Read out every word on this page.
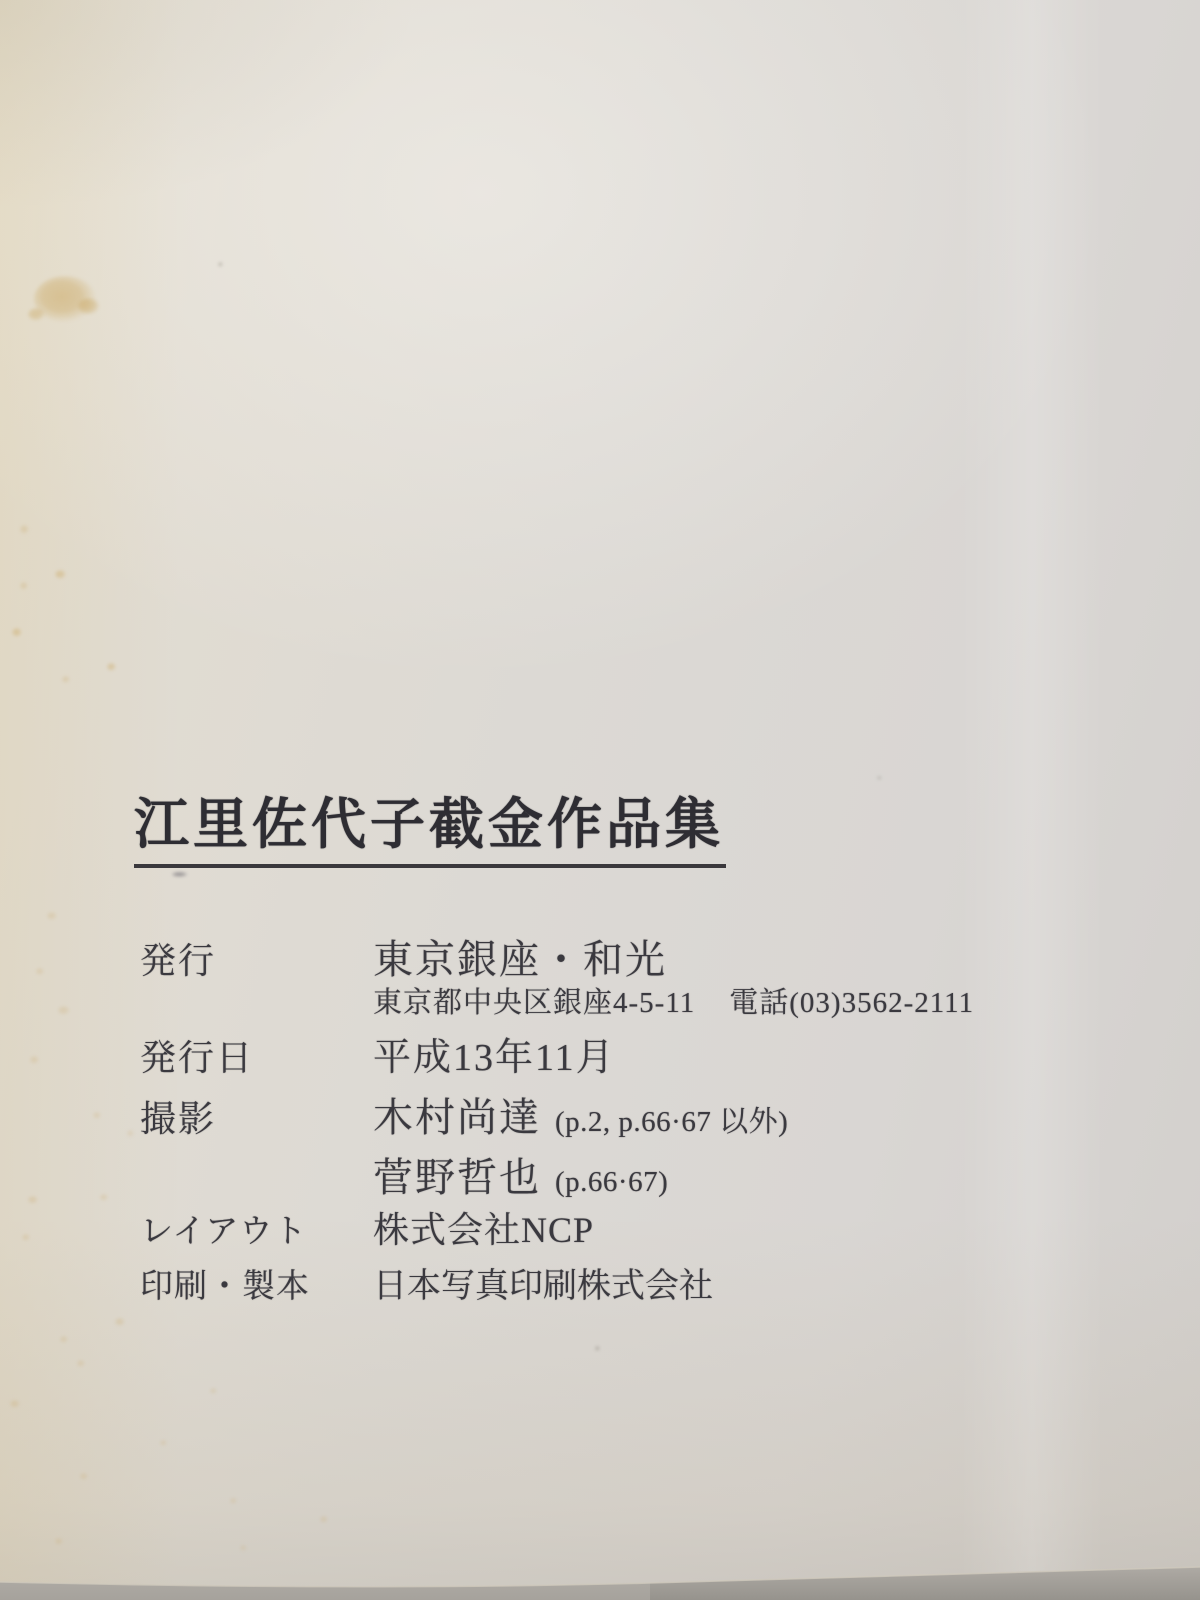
江里佐代子截金作品集
発行	東京銀座・和光
東京都中央区銀座4-5-11 電話(03)3562-2111
発行日	平成13年11月
撮影	木村尚達 (p.2, p.66·67 以外)
菅野哲也 (p.66·67)
レイアウト 株式会社NCP
印刷・製本 日本写真印刷株式会社
